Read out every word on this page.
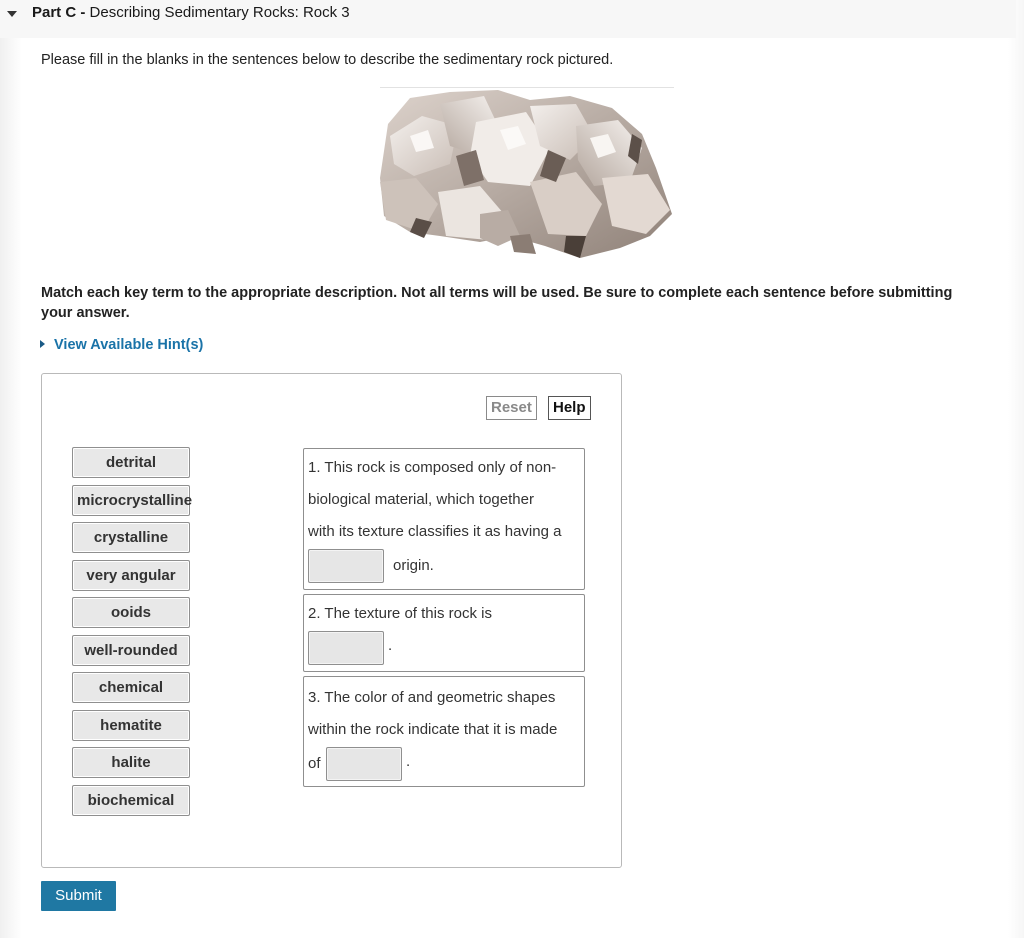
Part C - Describing Sedimentary Rocks: Rock 3
Please fill in the blanks in the sentences below to describe the sedimentary rock pictured.
Match each key term to the appropriate description. Not all terms will be used. Be sure to complete each sentence before submitting your answer.
View Available Hint(s)
Reset	Help
detrital
microcrystalline
crystalline
very angular
ooids
well-rounded
chemical
hematite
halite
biochemical
1. This rock is composed only of non-
biological material, which together
with its texture classifies it as having a
origin.
2. The texture of this rock is
.
3. The color of and geometric shapes
within the rock indicate that it is made
of	.
Submit
